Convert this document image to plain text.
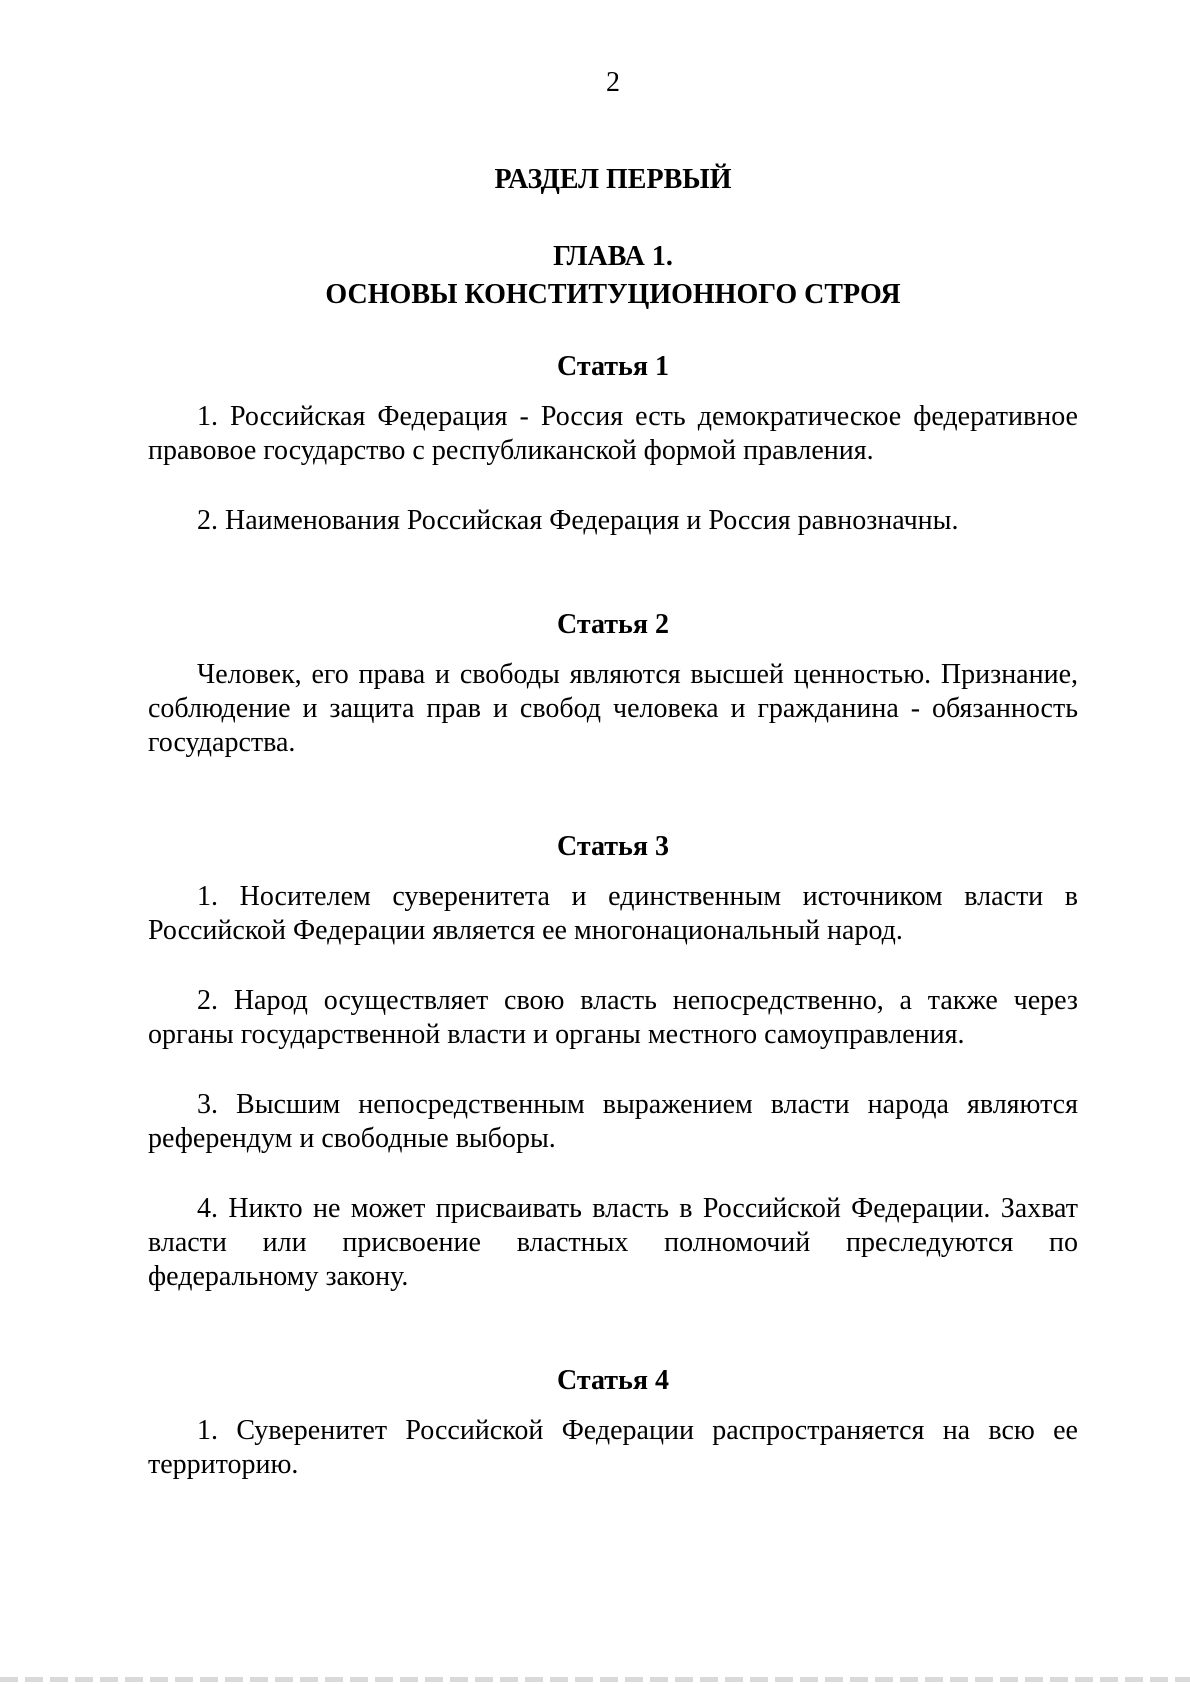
2
РАЗДЕЛ ПЕРВЫЙ
ГЛАВА 1.
ОСНОВЫ КОНСТИТУЦИОННОГО СТРОЯ
Статья 1

1. Российская Федерация - Россия есть демократическое федеративное правовое государство с республиканской формой правления.

2. Наименования Российская Федерация и Россия равнозначны.

Статья 2

Человек, его права и свободы являются высшей ценностью. Признание, соблюдение и защита прав и свобод человека и гражданина - обязанность государства.

Статья 3

1. Носителем суверенитета и единственным источником власти в Российской Федерации является ее многонациональный народ.

2. Народ осуществляет свою власть непосредственно, а также через органы государственной власти и органы местного самоуправления.

3. Высшим непосредственным выражением власти народа являются референдум и свободные выборы.

4. Никто не может присваивать власть в Российской Федерации. Захват власти или присвоение властных полномочий преследуются по федеральному закону.

Статья 4

1. Суверенитет Российской Федерации распространяется на всю ее территорию.
